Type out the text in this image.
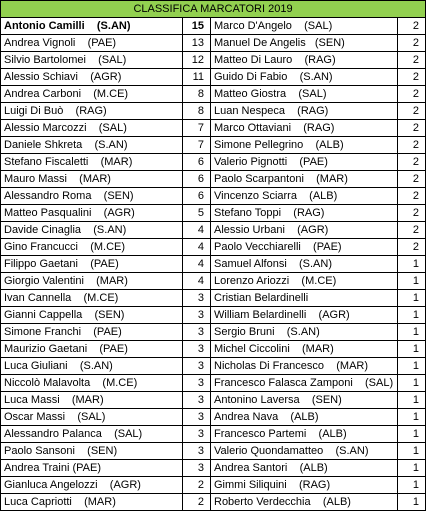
CLASSIFICA MARCATORI 2019			
Antonio Camilli    (S.AN)	15	Marco D'Angelo    (SAL)	2
Andrea Vignoli    (PAE)	13	Manuel De Angelis   (SEN)	2
Silvio Bartolomei    (SAL)	12	Matteo Di Lauro    (RAG)	2
Alessio Schiavi    (AGR)	11	Guido Di Fabio    (S.AN)	2
Andrea Carboni    (M.CE)	8	Matteo Giostra    (SAL)	2
Luigi Di Buò    (RAG)	8	Luan Nespeca    (RAG)	2
Alessio Marcozzi    (SAL)	7	Marco Ottaviani    (RAG)	2
Daniele Shkreta    (S.AN)	7	Simone Pellegrino    (ALB)	2
Stefano Fiscaletti    (MAR)	6	Valerio Pignotti    (PAE)	2
Mauro Massi    (MAR)	6	Paolo Scarpantoni    (MAR)	2
Alessandro Roma    (SEN)	6	Vincenzo Sciarra    (ALB)	2
Matteo Pasqualini    (AGR)	5	Stefano Toppi    (RAG)	2
Davide Cinaglia    (S.AN)	4	Alessio Urbani    (AGR)	2
Gino Francucci    (M.CE)	4	Paolo Vecchiarelli    (PAE)	2
Filippo Gaetani    (PAE)	4	Samuel Alfonsi    (S.AN)	1
Giorgio Valentini    (MAR)	4	Lorenzo Ariozzi    (M.CE)	1
Ivan Cannella    (M.CE)	3	Cristian Belardinelli	1
Gianni Cappella    (SEN)	3	William Belardinelli    (AGR)	1
Simone Franchi    (PAE)	3	Sergio Bruni    (S.AN)	1
Maurizio Gaetani    (PAE)	3	Michel Ciccolini    (MAR)	1
Luca Giuliani    (S.AN)	3	Nicholas Di Francesco    (MAR)	1
Niccolò Malavolta    (M.CE)	3	Francesco Falasca Zamponi    (SAL)	1
Luca Massi    (MAR)	3	Antonino Laversa    (SEN)	1
Oscar Massi    (SAL)	3	Andrea Nava    (ALB)	1
Alessandro Palanca    (SAL)	3	Francesco Partemi    (ALB)	1
Paolo Sansoni    (SEN)	3	Valerio Quondamatteo    (S.AN)	1
Andrea Traini (PAE)	3	Andrea Santori    (ALB)	1
Gianluca Angelozzi    (AGR)	2	Gimmi Siliquini    (RAG)	1
Luca Capriotti    (MAR)	2	Roberto Verdecchia    (ALB)	1
